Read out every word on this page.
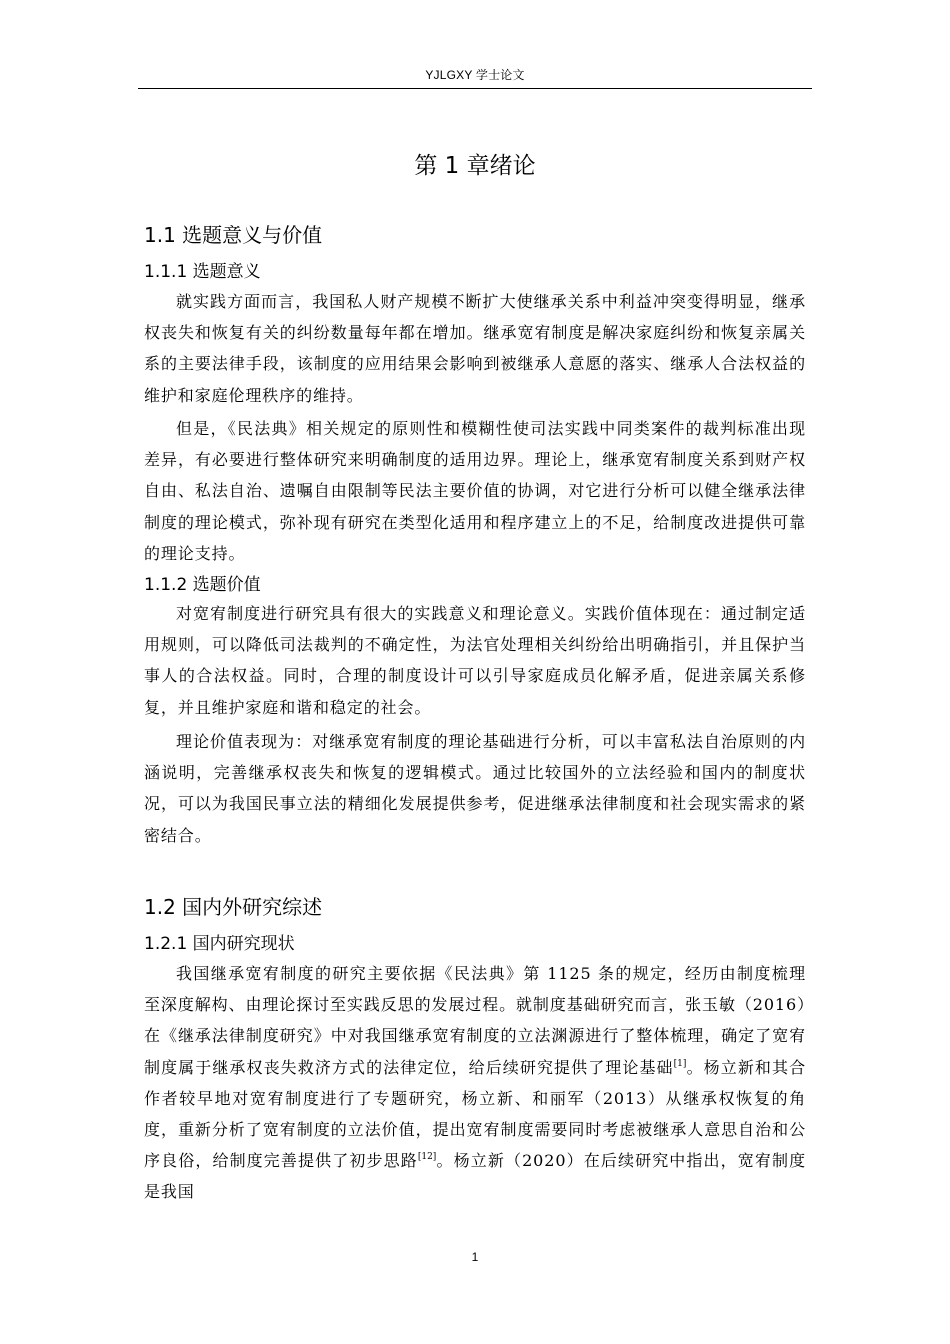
YJLGXY 学士论文
第 1 章绪论
1.1 选题意义与价值
1.1.1 选题意义

就实践方面而言，我国私人财产规模不断扩大使继承关系中利益冲突变得明显，继承权丧失和恢复有关的纠纷数量每年都在增加。继承宽宥制度是解决家庭纠纷和恢复亲属关系的主要法律手段，该制度的应用结果会影响到被继承人意愿的落实、继承人合法权益的维护和家庭伦理秩序的维持。

但是，《民法典》相关规定的原则性和模糊性使司法实践中同类案件的裁判标准出现差异，有必要进行整体研究来明确制度的适用边界。理论上，继承宽宥制度关系到财产权自由、私法自治、遗嘱自由限制等民法主要价值的协调，对它进行分析可以健全继承法律制度的理论模式，弥补现有研究在类型化适用和程序建立上的不足，给制度改进提供可靠的理论支持。

1.1.2 选题价值

对宽宥制度进行研究具有很大的实践意义和理论意义。实践价值体现在：通过制定适用规则，可以降低司法裁判的不确定性，为法官处理相关纠纷给出明确指引，并且保护当事人的合法权益。同时，合理的制度设计可以引导家庭成员化解矛盾，促进亲属关系修复，并且维护家庭和谐和稳定的社会。

理论价值表现为：对继承宽宥制度的理论基础进行分析，可以丰富私法自治原则的内涵说明，完善继承权丧失和恢复的逻辑模式。通过比较国外的立法经验和国内的制度状况，可以为我国民事立法的精细化发展提供参考，促进继承法律制度和社会现实需求的紧密结合。

1.2 国内外研究综述
1.2.1 国内研究现状

我国继承宽宥制度的研究主要依据《民法典》第 1125 条的规定，经历由制度梳理至深度解构、由理论探讨至实践反思的发展过程。就制度基础研究而言，张玉敏（2016）在《继承法律制度研究》中对我国继承宽宥制度的立法渊源进行了整体梳理，确定了宽宥制度属于继承权丧失救济方式的法律定位，给后续研究提供了理论基础[1]。杨立新和其合作者较早地对宽宥制度进行了专题研究，杨立新、和丽军（2013）从继承权恢复的角度，重新分析了宽宥制度的立法价值，提出宽宥制度需要同时考虑被继承人意思自治和公序良俗，给制度完善提供了初步思路[12]。杨立新（2020）在后续研究中指出，宽宥制度是我国

1
